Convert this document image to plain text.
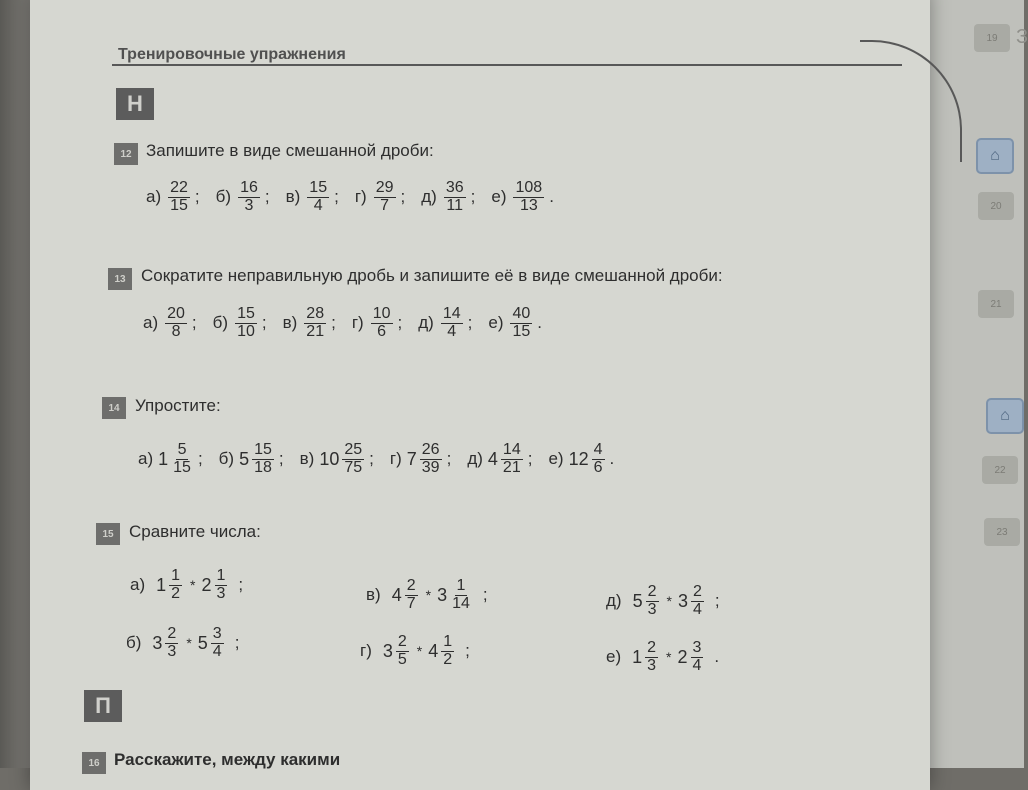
19 З
⌂
20
21
⌂
22
23
Тренировочные упражнения
Н
12 Запишите в виде смешанной дроби:
$а) \frac{22}{15}$ ; $б) \frac{16}{3}$ ; $в) \frac{15}{4}$ ; $г) \frac{29}{7}$ ; $д) \frac{36}{11}$ ; $е) \frac{108}{13}$ .
13 Сократите неправильную дробь и запишите её в виде смешанной дроби:
$а) \frac{20}{8}$ ; $б) \frac{15}{10}$ ; $в) \frac{28}{21}$ ; $г) \frac{10}{6}$ ; $д) \frac{14}{4}$ ; $е) \frac{40}{15}$ .
14 Упростите:
а) $1 \frac{5}{15}$ ; б) $5 \frac{15}{18}$ ; в) $10 \frac{25}{75}$ ; г) $7 \frac{26}{39}$ ; д) $4 \frac{14}{21}$ ; е) $12 \frac{4}{6}$ .
15 Сравните числа:
а) $1 \frac{1}{2} * 2 \frac{1}{3}$ ;
б) $3 \frac{2}{3} * 5 \frac{3}{4}$ ;
в) $4 \frac{2}{7} * 3 \frac{1}{14}$ ;
г) $3 \frac{2}{5} * 4 \frac{1}{2}$ ;
д) $5 \frac{2}{3} * 3 \frac{2}{4}$ ;
е) $1 \frac{2}{3} * 2 \frac{3}{4}$ .
П
16 Расскажите, между какими
